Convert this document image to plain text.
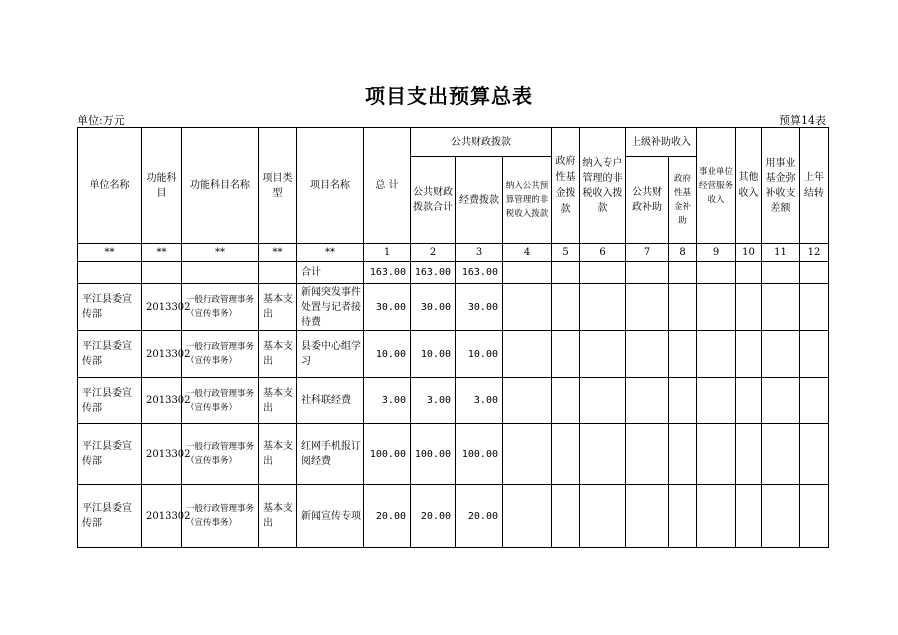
项目支出预算总表
单位:万元	预算14表
单位名称	功能科目	功能科目名称	项目类型	项目名称	总 计	公共财政拨款			政府性基金拨款	纳入专户管理的非税收入拨款	上级补助收入		事业单位经营服务收入	其他收入	用事业基金弥补收支差额	上年结转
						公共财政拨款合计	经费拨款	纳入公共预算管理的非税收入拨款			公共财政补助	政府性基金补助				
**	**	**	**	**	1	2	3	4	5	6	7	8	9	10	11	12
				合计	163.00	163.00	163.00									
平江县委宣传部	2013302	一般行政管理事务（宣传事务）	基本支出	新闻突发事件处置与记者接待费	30.00	30.00	30.00									
平江县委宣传部	2013302	一般行政管理事务（宣传事务）	基本支出	县委中心组学习	10.00	10.00	10.00									
平江县委宣传部	2013302	一般行政管理事务（宣传事务）	基本支出	社科联经费	3.00	3.00	3.00									
平江县委宣传部	2013302	一般行政管理事务（宣传事务）	基本支出	红网手机报订阅经费	100.00	100.00	100.00									
平江县委宣传部	2013302	一般行政管理事务（宣传事务）	基本支出	新闻宣传专项	20.00	20.00	20.00									
